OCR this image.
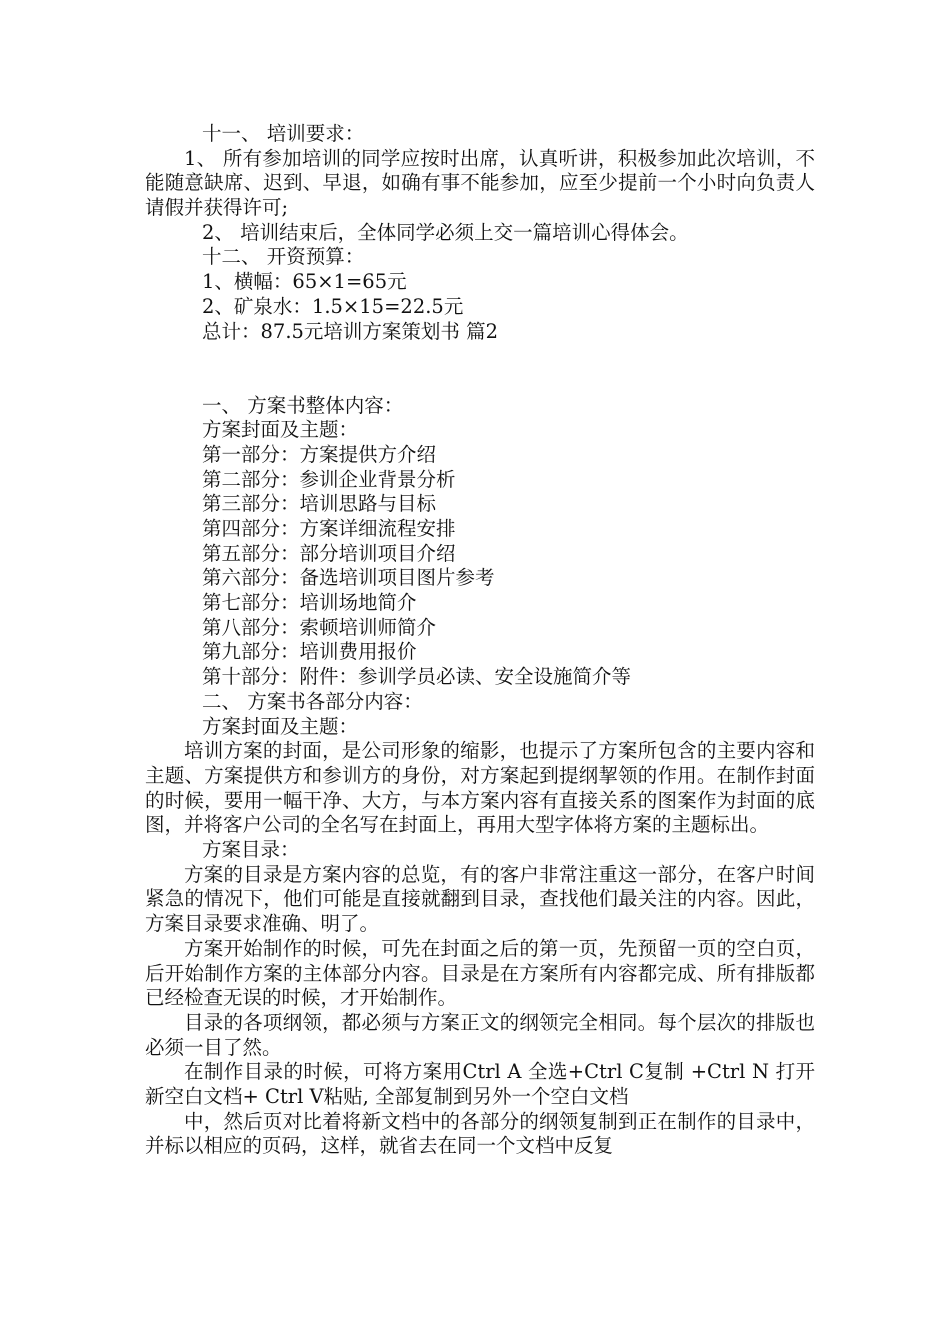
十一、 培训要求：

1、 所有参加培训的同学应按时出席，认真听讲，积极参加此次培训，不能随意缺席、迟到、早退，如确有事不能参加，应至少提前一个小时向负责人请假并获得许可;

2、 培训结束后，全体同学必须上交一篇培训心得体会。
十二、 开资预算：
1、横幅：65×1=65元
2、矿泉水：1.5×15=22.5元
总计：87.5元培训方案策划书 篇2
一、 方案书整体内容：
方案封面及主题：
第一部分：方案提供方介绍
第二部分：参训企业背景分析
第三部分：培训思路与目标
第四部分：方案详细流程安排
第五部分：部分培训项目介绍
第六部分：备选培训项目图片参考
第七部分：培训场地简介
第八部分：索顿培训师简介
第九部分：培训费用报价
第十部分：附件：参训学员必读、安全设施简介等
二、 方案书各部分内容：
方案封面及主题：

培训方案的封面，是公司形象的缩影，也提示了方案所包含的主要内容和主题、方案提供方和参训方的身份，对方案起到提纲挈领的作用。在制作封面的时候，要用一幅干净、大方，与本方案内容有直接关系的图案作为封面的底图，并将客户公司的全名写在封面上，再用大型字体将方案的主题标出。

方案目录：

方案的目录是方案内容的总览，有的客户非常注重这一部分，在客户时间紧急的情况下，他们可能是直接就翻到目录，查找他们最关注的内容。因此，方案目录要求准确、明了。

方案开始制作的时候，可先在封面之后的第一页，先预留一页的空白页，后开始制作方案的主体部分内容。目录是在方案所有内容都完成、所有排版都已经检查无误的时候，才开始制作。

目录的各项纲领，都必须与方案正文的纲领完全相同。每个层次的排版也必须一目了然。

在制作目录的时候，可将方案用Ctrl A 全选+Ctrl C复制 +Ctrl N 打开新空白文档+ Ctrl V粘贴, 全部复制到另外一个空白文档

中，然后页对比着将新文档中的各部分的纲领复制到正在制作的目录中，并标以相应的页码，这样，就省去在同一个文档中反复
